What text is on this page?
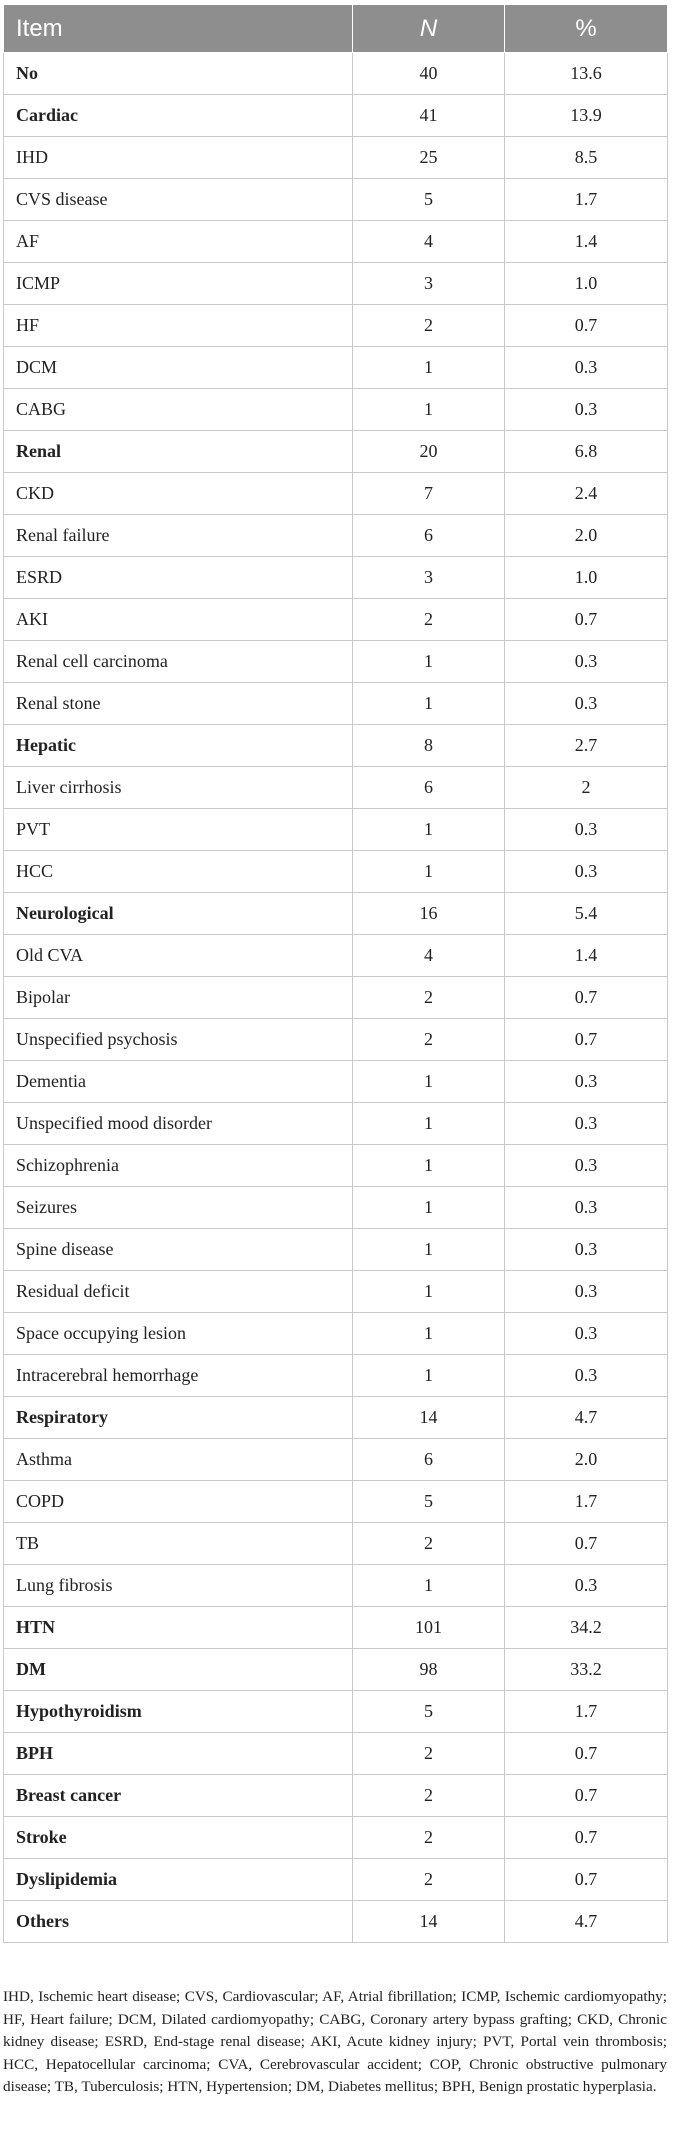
Item	N	%
No	40	13.6
Cardiac	41	13.9
IHD	25	8.5
CVS disease	5	1.7
AF	4	1.4
ICMP	3	1.0
HF	2	0.7
DCM	1	0.3
CABG	1	0.3
Renal	20	6.8
CKD	7	2.4
Renal failure	6	2.0
ESRD	3	1.0
AKI	2	0.7
Renal cell carcinoma	1	0.3
Renal stone	1	0.3
Hepatic	8	2.7
Liver cirrhosis	6	2
PVT	1	0.3
HCC	1	0.3
Neurological	16	5.4
Old CVA	4	1.4
Bipolar	2	0.7
Unspecified psychosis	2	0.7
Dementia	1	0.3
Unspecified mood disorder	1	0.3
Schizophrenia	1	0.3
Seizures	1	0.3
Spine disease	1	0.3
Residual deficit	1	0.3
Space occupying lesion	1	0.3
Intracerebral hemorrhage	1	0.3
Respiratory	14	4.7
Asthma	6	2.0
COPD	5	1.7
TB	2	0.7
Lung fibrosis	1	0.3
HTN	101	34.2
DM	98	33.2
Hypothyroidism	5	1.7
BPH	2	0.7
Breast cancer	2	0.7
Stroke	2	0.7
Dyslipidemia	2	0.7
Others	14	4.7
IHD, Ischemic heart disease; CVS, Cardiovascular; AF, Atrial fibrillation; ICMP, Ischemic cardiomyopathy; HF, Heart failure; DCM, Dilated cardiomyopathy; CABG, Coronary artery bypass grafting; CKD, Chronic kidney disease; ESRD, End-stage renal disease; AKI, Acute kidney injury; PVT, Portal vein thrombosis; HCC, Hepatocellular carcinoma; CVA, Cerebrovascular accident; COP, Chronic obstructive pulmonary disease; TB, Tuberculosis; HTN, Hypertension; DM, Diabetes mellitus; BPH, Benign prostatic hyperplasia.
